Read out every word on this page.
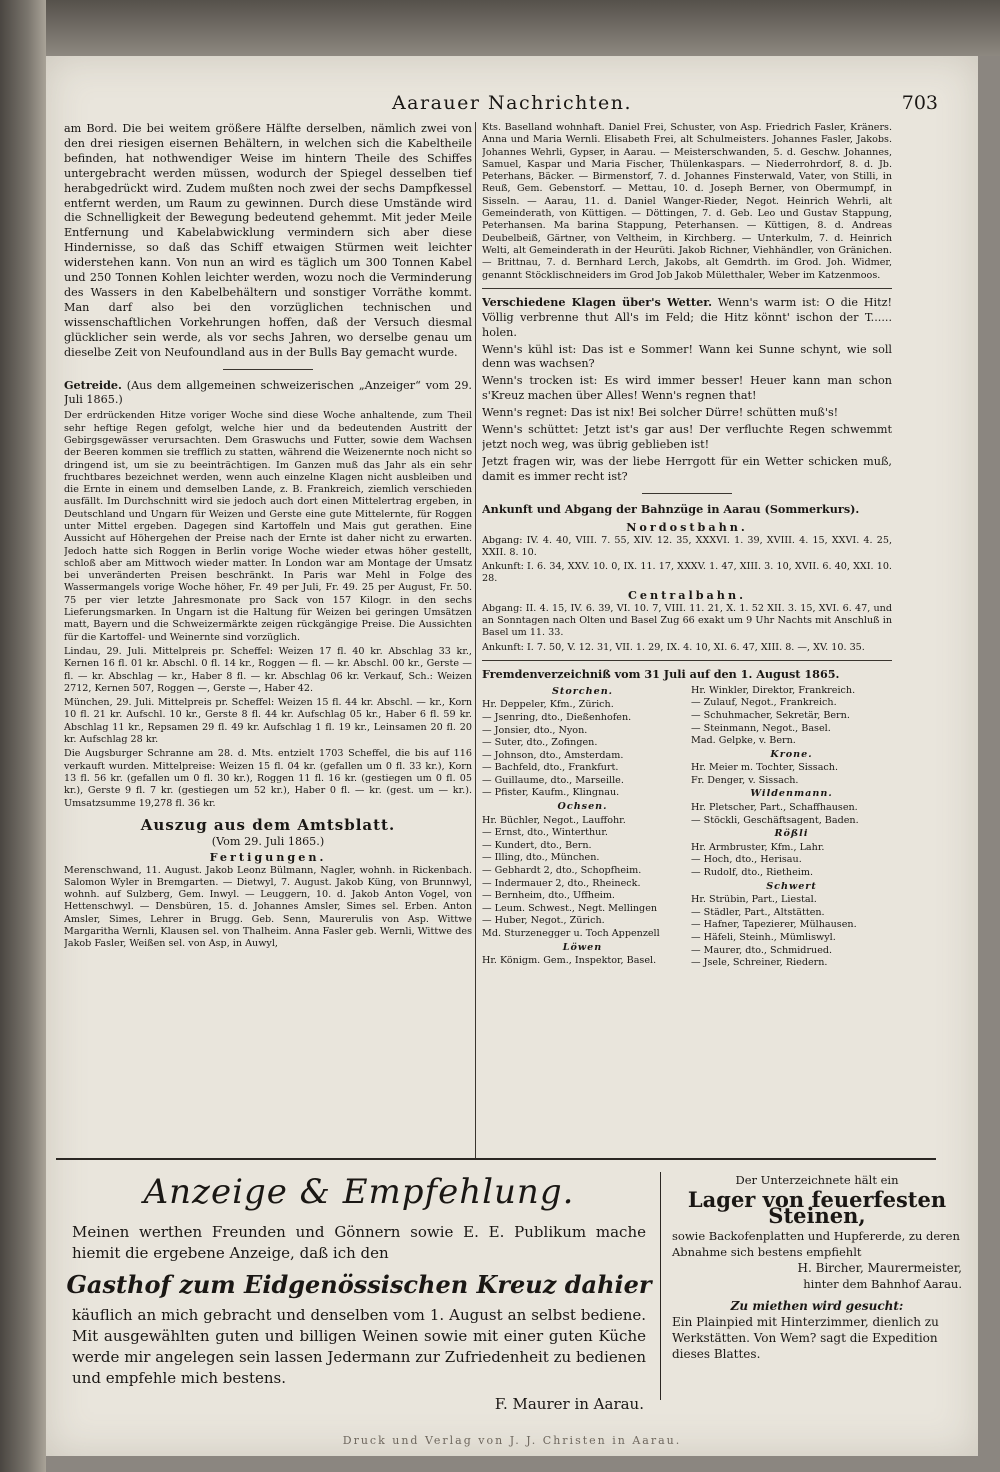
Aarauer Nachrichten.	703

am Bord. Die bei weitem größere Hälfte derselben, nämlich zwei von den drei riesigen eisernen Behältern, in welchen sich die Kabeltheile befinden, hat nothwendiger Weise im hintern Theile des Schiffes untergebracht werden müssen, wodurch der Spiegel desselben tief herabgedrückt wird. Zudem mußten noch zwei der sechs Dampfkessel entfernt werden, um Raum zu gewinnen. Durch diese Umstände wird die Schnelligkeit der Bewegung bedeutend gehemmt. Mit jeder Meile Entfernung und Kabelabwicklung vermindern sich aber diese Hindernisse, so daß das Schiff etwaigen Stürmen weit leichter widerstehen kann. Von nun an wird es täglich um 300 Tonnen Kabel und 250 Tonnen Kohlen leichter werden, wozu noch die Verminderung des Wassers in den Kabelbehältern und sonstiger Vorräthe kommt. Man darf also bei den vorzüglichen technischen und wissenschaftlichen Vorkehrungen hoffen, daß der Versuch diesmal glücklicher sein werde, als vor sechs Jahren, wo derselbe genau um dieselbe Zeit von Neufoundland aus in der Bulls Bay gemacht wurde.

Getreide. (Aus dem allgemeinen schweizerischen „Anzeiger“ vom 29. Juli 1865.)

Der erdrückenden Hitze voriger Woche sind diese Woche anhaltende, zum Theil sehr heftige Regen gefolgt, welche hier und da bedeutenden Austritt der Gebirgsgewässer verursachten. Dem Graswuchs und Futter, sowie dem Wachsen der Beeren kommen sie trefflich zu statten, während die Weizenernte noch nicht so dringend ist, um sie zu beeinträchtigen. Im Ganzen muß das Jahr als ein sehr fruchtbares bezeichnet werden, wenn auch einzelne Klagen nicht ausbleiben und die Ernte in einem und demselben Lande, z. B. Frankreich, ziemlich verschieden ausfällt. Im Durchschnitt wird sie jedoch auch dort einen Mittelertrag ergeben, in Deutschland und Ungarn für Weizen und Gerste eine gute Mittelernte, für Roggen unter Mittel ergeben. Dagegen sind Kartoffeln und Mais gut gerathen. Eine Aussicht auf Höhergehen der Preise nach der Ernte ist daher nicht zu erwarten. Jedoch hatte sich Roggen in Berlin vorige Woche wieder etwas höher gestellt, schloß aber am Mittwoch wieder matter. In London war am Montage der Umsatz bei unveränderten Preisen beschränkt. In Paris war Mehl in Folge des Wassermangels vorige Woche höher, Fr. 49 per Juli, Fr. 49. 25 per August, Fr. 50. 75 per vier letzte Jahresmonate pro Sack von 157 Kilogr. in den sechs Lieferungsmarken. In Ungarn ist die Haltung für Weizen bei geringen Umsätzen matt, Bayern und die Schweizermärkte zeigen rückgängige Preise. Die Aussichten für die Kartoffel- und Weinernte sind vorzüglich.

Lindau, 29. Juli. Mittelpreis pr. Scheffel: Weizen 17 fl. 40 kr. Abschlag 33 kr., Kernen 16 fl. 01 kr. Abschl. 0 fl. 14 kr., Roggen — fl. — kr. Abschl. 00 kr., Gerste — fl. — kr. Abschlag — kr., Haber 8 fl. — kr. Abschlag 06 kr. Verkauf, Sch.: Weizen 2712, Kernen 507, Roggen —, Gerste —, Haber 42.

München, 29. Juli. Mittelpreis pr. Scheffel: Weizen 15 fl. 44 kr. Abschl. — kr., Korn 10 fl. 21 kr. Aufschl. 10 kr., Gerste 8 fl. 44 kr. Aufschlag 05 kr., Haber 6 fl. 59 kr. Abschlag 11 kr., Repsamen 29 fl. 49 kr. Aufschlag 1 fl. 19 kr., Leinsamen 20 fl. 20 kr. Aufschlag 28 kr.

Die Augsburger Schranne am 28. d. Mts. entzielt 1703 Scheffel, die bis auf 116 verkauft wurden. Mittelpreise: Weizen 15 fl. 04 kr. (gefallen um 0 fl. 33 kr.), Korn 13 fl. 56 kr. (gefallen um 0 fl. 30 kr.), Roggen 11 fl. 16 kr. (gestiegen um 0 fl. 05 kr.), Gerste 9 fl. 7 kr. (gestiegen um 52 kr.), Haber 0 fl. — kr. (gest. um — kr.). Umsatzsumme 19,278 fl. 36 kr.

Auszug aus dem Amtsblatt.
(Vom 29. Juli 1865.)
Fertigungen.

Merenschwand, 11. August. Jakob Leonz Bülmann, Nagler, wohnh. in Rickenbach. Salomon Wyler in Bremgarten. — Dietwyl, 7. August. Jakob Küng, von Brunnwyl, wohnh. auf Sulzberg, Gem. Inwyl. — Leuggern, 10. d. Jakob Anton Vogel, von Hettenschwyl. — Densbüren, 15. d. Johannes Amsler, Simes sel. Erben. Anton Amsler, Simes, Lehrer in Brugg. Geb. Senn, Maurerulis von Asp. Wittwe Margaritha Wernli, Klausen sel. von Thalheim. Anna Fasler geb. Wernli, Wittwe des Jakob Fasler, Weißen sel. von Asp, in Auwyl,

Kts. Baselland wohnhaft. Daniel Frei, Schuster, von Asp. Friedrich Fasler, Kräners. Anna und Maria Wernli. Elisabeth Frei, alt Schulmeisters. Johannes Fasler, Jakobs. Johannes Wehrli, Gypser, in Aarau. — Meisterschwanden, 5. d. Geschw. Johannes, Samuel, Kaspar und Maria Fischer, Thülenkaspars. — Niederrohrdorf, 8. d. Jb. Peterhans, Bäcker. — Birmenstorf, 7. d. Johannes Finsterwald, Vater, von Stilli, in Reuß, Gem. Gebenstorf. — Mettau, 10. d. Joseph Berner, von Obermumpf, in Sisseln. — Aarau, 11. d. Daniel Wanger-Rieder, Negot. Heinrich Wehrli, alt Gemeinderath, von Küttigen. — Döttingen, 7. d. Geb. Leo und Gustav Stappung, Peterhansen. Ma barina Stappung, Peterhansen. — Küttigen, 8. d. Andreas Deubelbeiß, Gärtner, von Veltheim, in Kirchberg. — Unterkulm, 7. d. Heinrich Welti, alt Gemeinderath in der Heurüti. Jakob Richner, Viehhändler, von Gränichen. — Brittnau, 7. d. Bernhard Lerch, Jakobs, alt Gemdrth. im Grod. Joh. Widmer, genannt Stöcklischneiders im Grod Job Jakob Mületthaler, Weber im Katzenmoos.

Verschiedene Klagen über's Wetter. Wenn's warm ist: O die Hitz! Völlig verbrenne thut All's im Feld; die Hitz könnt' ischon der T...... holen.

Wenn's kühl ist: Das ist e Sommer! Wann kei Sunne schynt, wie soll denn was wachsen?

Wenn's trocken ist: Es wird immer besser! Heuer kann man schon s'Kreuz machen über Alles! Wenn's regnen that!

Wenn's regnet: Das ist nix! Bei solcher Dürre! schütten muß's!

Wenn's schüttet: Jetzt ist's gar aus! Der verfluchte Regen schwemmt jetzt noch weg, was übrig geblieben ist!

Jetzt fragen wir, was der liebe Herrgott für ein Wetter schicken muß, damit es immer recht ist?

Ankunft und Abgang der Bahnzüge in Aarau (Sommerkurs).

Nordostbahn.

Abgang: IV. 4. 40, VIII. 7. 55, XIV. 12. 35, XXXVI. 1. 39, XVIII. 4. 15, XXVI. 4. 25, XXII. 8. 10.

Ankunft: I. 6. 34, XXV. 10. 0, IX. 11. 17, XXXV. 1. 47, XIII. 3. 10, XVII. 6. 40, XXI. 10. 28.

Centralbahn.

Abgang: II. 4. 15, IV. 6. 39, VI. 10. 7, VIII. 11. 21, X. 1. 52 XII. 3. 15, XVI. 6. 47, und an Sonntagen nach Olten und Basel Zug 66 exakt um 9 Uhr Nachts mit Anschluß in Basel um 11. 33.

Ankunft: I. 7. 50, V. 12. 31, VII. 1. 29, IX. 4. 10, XI. 6. 47, XIII. 8. —, XV. 10. 35.

Fremdenverzeichniß vom 31 Juli auf den 1. August 1865.

Storchen.
Hr. Deppeler, Kfm., Zürich.
— Jsenring, dto., Dießenhofen.
— Jonsier, dto., Nyon.
— Suter, dto., Zofingen.
— Johnson, dto., Amsterdam.
— Bachfeld, dto., Frankfurt.
— Guillaume, dto., Marseille.
— Pfister, Kaufm., Klingnau.
Ochsen.
Hr. Büchler, Negot., Lauffohr.
— Ernst, dto., Winterthur.
— Kundert, dto., Bern.
— Illing, dto., München.
— Gebhardt 2, dto., Schopfheim.
— Indermauer 2, dto., Rheineck.
— Bernheim, dto., Uffheim.
— Leum. Schwest., Negt. Mellingen
— Huber, Negot., Zürich.
Md. Sturzenegger u. Toch Appenzell
Löwen
Hr. Königm. Gem., Inspektor, Basel.
Hr. Winkler, Direktor, Frankreich.
— Zulauf, Negot., Frankreich.
— Schuhmacher, Sekretär, Bern.
— Steinmann, Negot., Basel.
Mad. Gelpke, v. Bern.
Krone.
Hr. Meier m. Tochter, Sissach.
Fr. Denger, v. Sissach.
Wildenmann.
Hr. Pletscher, Part., Schaffhausen.
— Stöckli, Geschäftsagent, Baden.
Rößli
Hr. Armbruster, Kfm., Lahr.
— Hoch, dto., Herisau.
— Rudolf, dto., Rietheim.
Schwert
Hr. Strübin, Part., Liestal.
— Städler, Part., Altstätten.
— Hafner, Tapezierer, Mülhausen.
— Häfeli, Steinh., Mümliswyl.
— Maurer, dto., Schmidrued.
— Jsele, Schreiner, Riedern.
Anzeige & Empfehlung.
Meinen werthen Freunden und Gönnern sowie E. E. Publikum mache hiemit die ergebene Anzeige, daß ich den
Gasthof zum Eidgenössischen Kreuz dahier
käuflich an mich gebracht und denselben vom 1. August an selbst bediene. Mit ausgewählten guten und billigen Weinen sowie mit einer guten Küche werde mir angelegen sein lassen Jedermann zur Zufriedenheit zu bedienen und empfehle mich bestens.
F. Maurer in Aarau.
Der Unterzeichnete hält ein
Lager von feuerfesten Steinen,
sowie Backofenplatten und Hupfererde, zu deren Abnahme sich bestens empfiehlt
H. Bircher, Maurermeister,
hinter dem Bahnhof Aarau.
Zu miethen wird gesucht:
Ein Plainpied mit Hinterzimmer, dienlich zu Werkstätten. Von Wem? sagt die Expedition dieses Blattes.
Druck und Verlag von J. J. Christen in Aarau.
